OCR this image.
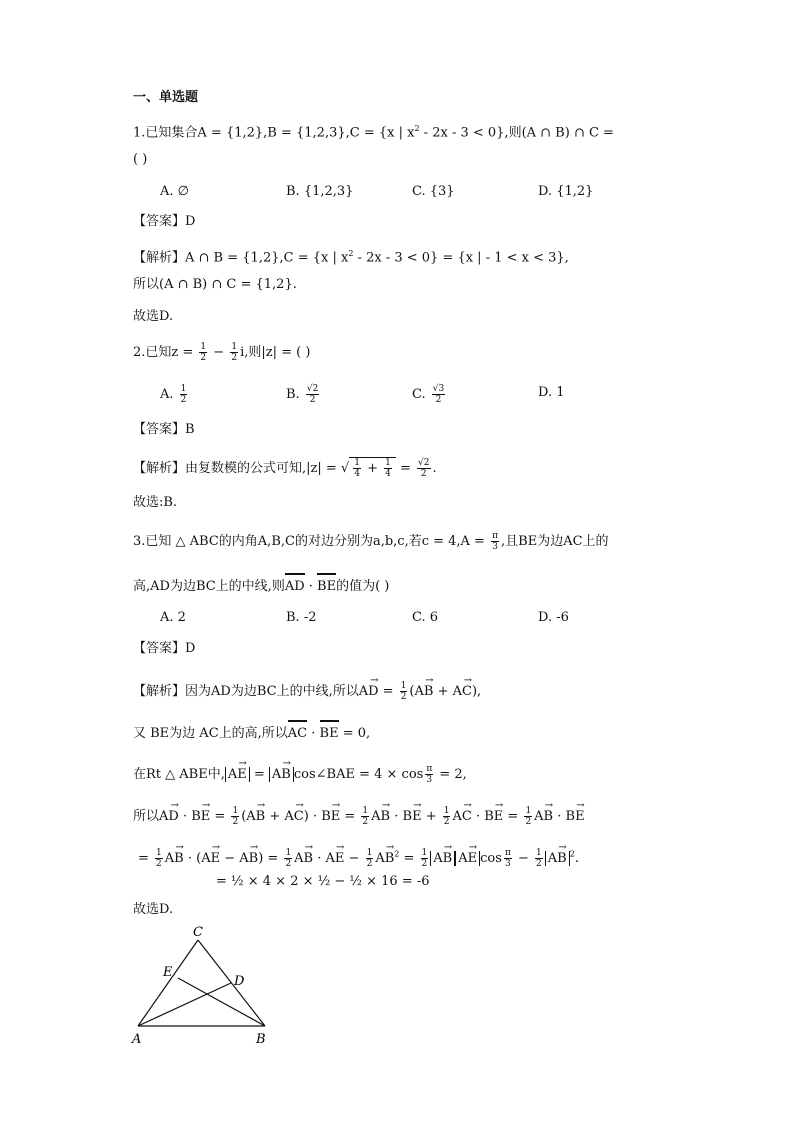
一、单选题
1.已知集合A = {1,2},B = {1,2,3},C = {x | $x^2 - 2x - 3 < 0$},则(A ∩ B) ∩ C =
( )
A. ∅	B. {1,2,3}	C. {3}	D. {1,2}
【答案】D
【解析】A ∩ B = {1,2},C = {x | $x^2 - 2x - 3 < 0\} = \{x$ | - 1 < x < 3},
所以(A ∩ B) ∩ C = {1,2}.
故选D.
2.已知$z = \frac{1}{2} - \frac{1}{2} i$,则|z| = ( )
A. $\frac{1}{2}$	B. $\frac{√2}{2}$	C. $\frac{√3}{2}$	D. 1
【答案】B
【解析】由复数模的公式可知,|z| = √ $\frac{1}{4} + \frac{1}{4} = \frac{√2}{2}$ .
故选:B.
3.已知 △ ABC的内角A,B,C的对边分别为a,b,c,若$c = 4,A = \frac{\pi}{3}$ ,且BE为边AC上的
高,AD为边BC上的中线,则AD · BE的值为( )
A. 2	B. -2	C. 6	D. -6
【答案】D
【解析】因为AD为边BC上的中线,所以→ AD = $\frac{1}{2}$ (→ AB + → AC),
又 BE为边 AC上的高,所以AC · BE = 0,
在Rt △ ABE中,→ AE = → AB cos∠BAE = $4 \times \cos \frac{\pi}{3} = 2$,
所以→ AD · → BE = $\frac{1}{2}$ (→ AB + → AC) · → BE = $\frac{1}{2}$
→ AB · → BE + $\frac{1}{2}$
→ AC · → BE = $\frac{1}{2}$
→ AB · → BE
= $\frac{1}{2}$
→ AB · (→ AE − → $AB) = \frac{1}{2}$
→ AB · → AE − $\frac{1}{2}$
→ $AB^2 = \frac{1}{2}$
→ AB→ AE $\cos \frac{\pi}{3} - \frac{1}{2}$
→ AB $^2$.
= ½ × 4 × 2 × ½ − ½ × 16 = -6
故选D.
C
E
D
A	B
